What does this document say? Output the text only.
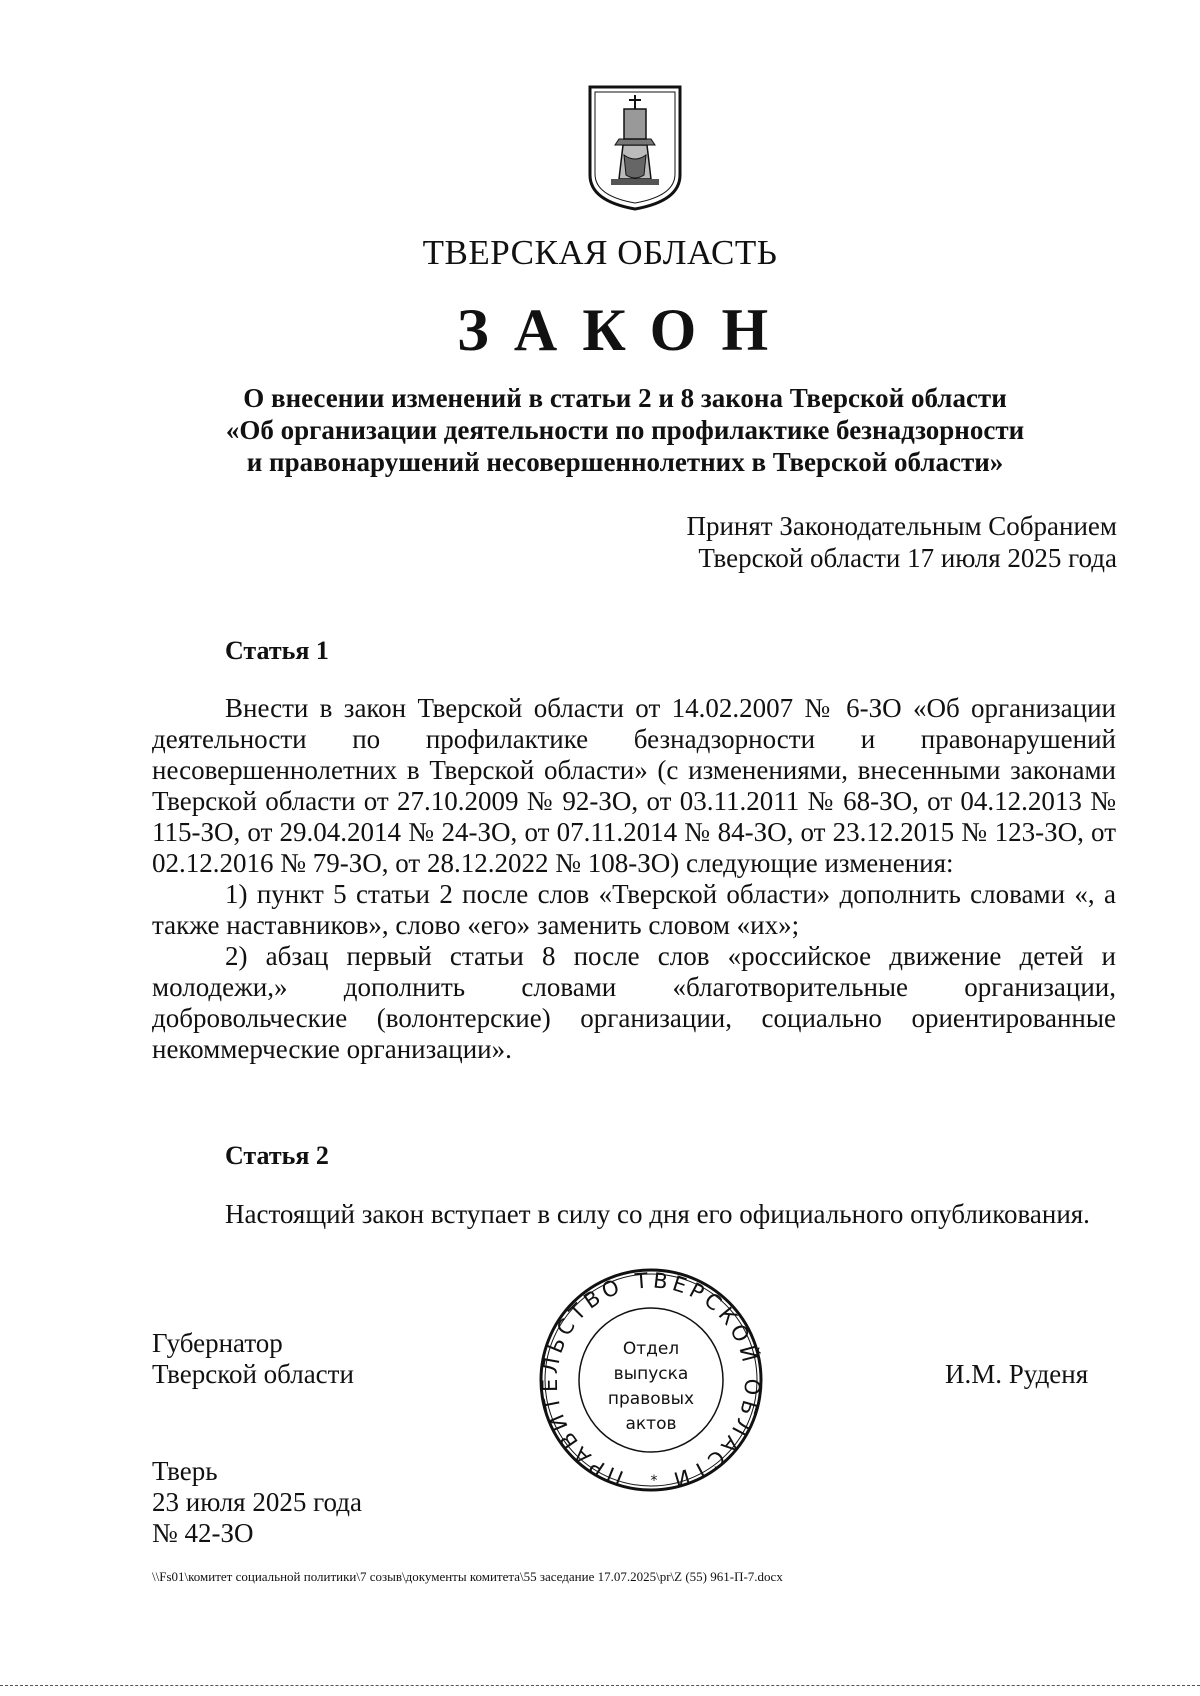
ТВЕРСКАЯ ОБЛАСТЬ
ЗАКОН
О внесении изменений в статьи 2 и 8 закона Тверской области
«Об организации деятельности по профилактике безнадзорности
и правонарушений несовершеннолетних в Тверской области»
Принят Законодательным Собранием
Тверской области 17 июля 2025 года
Статья 1

Внести в закон Тверской области от 14.02.2007 № 6-ЗО «Об организации деятельности по профилактике безнадзорности и правонарушений несовершеннолетних в Тверской области» (с изменениями, внесенными законами Тверской области от 27.10.2009 № 92-ЗО, от 03.11.2011 № 68-ЗО, от 04.12.2013 № 115-ЗО, от 29.04.2014 № 24-ЗО, от 07.11.2014 № 84-ЗО, от 23.12.2015 № 123-ЗО, от 02.12.2016 № 79-ЗО, от 28.12.2022 № 108-ЗО) следующие изменения:

1) пункт 5 статьи 2 после слов «Тверской области» дополнить словами «, а также наставников», слово «его» заменить словом «их»;

2) абзац первый статьи 8 после слов «российское движение детей и молодежи,» дополнить словами «благотворительные организации, добровольческие (волонтерские) организации, социально ориентированные некоммерческие организации».

Статья 2

Настоящий закон вступает в силу со дня его официального опубликования.

Губернатор
Тверской области	И.М. Руденя
ПРАВИТЕЛЬСТВО ТВЕРСКОЙ ОБЛАСТИ
Отдел
выпуска
правовых
актов
*
Тверь
23 июля 2025 года
№ 42-ЗО
\\Fs01\комитет социальной политики\7 созыв\документы комитета\55 заседание 17.07.2025\pr\Z (55) 961-П-7.docx
